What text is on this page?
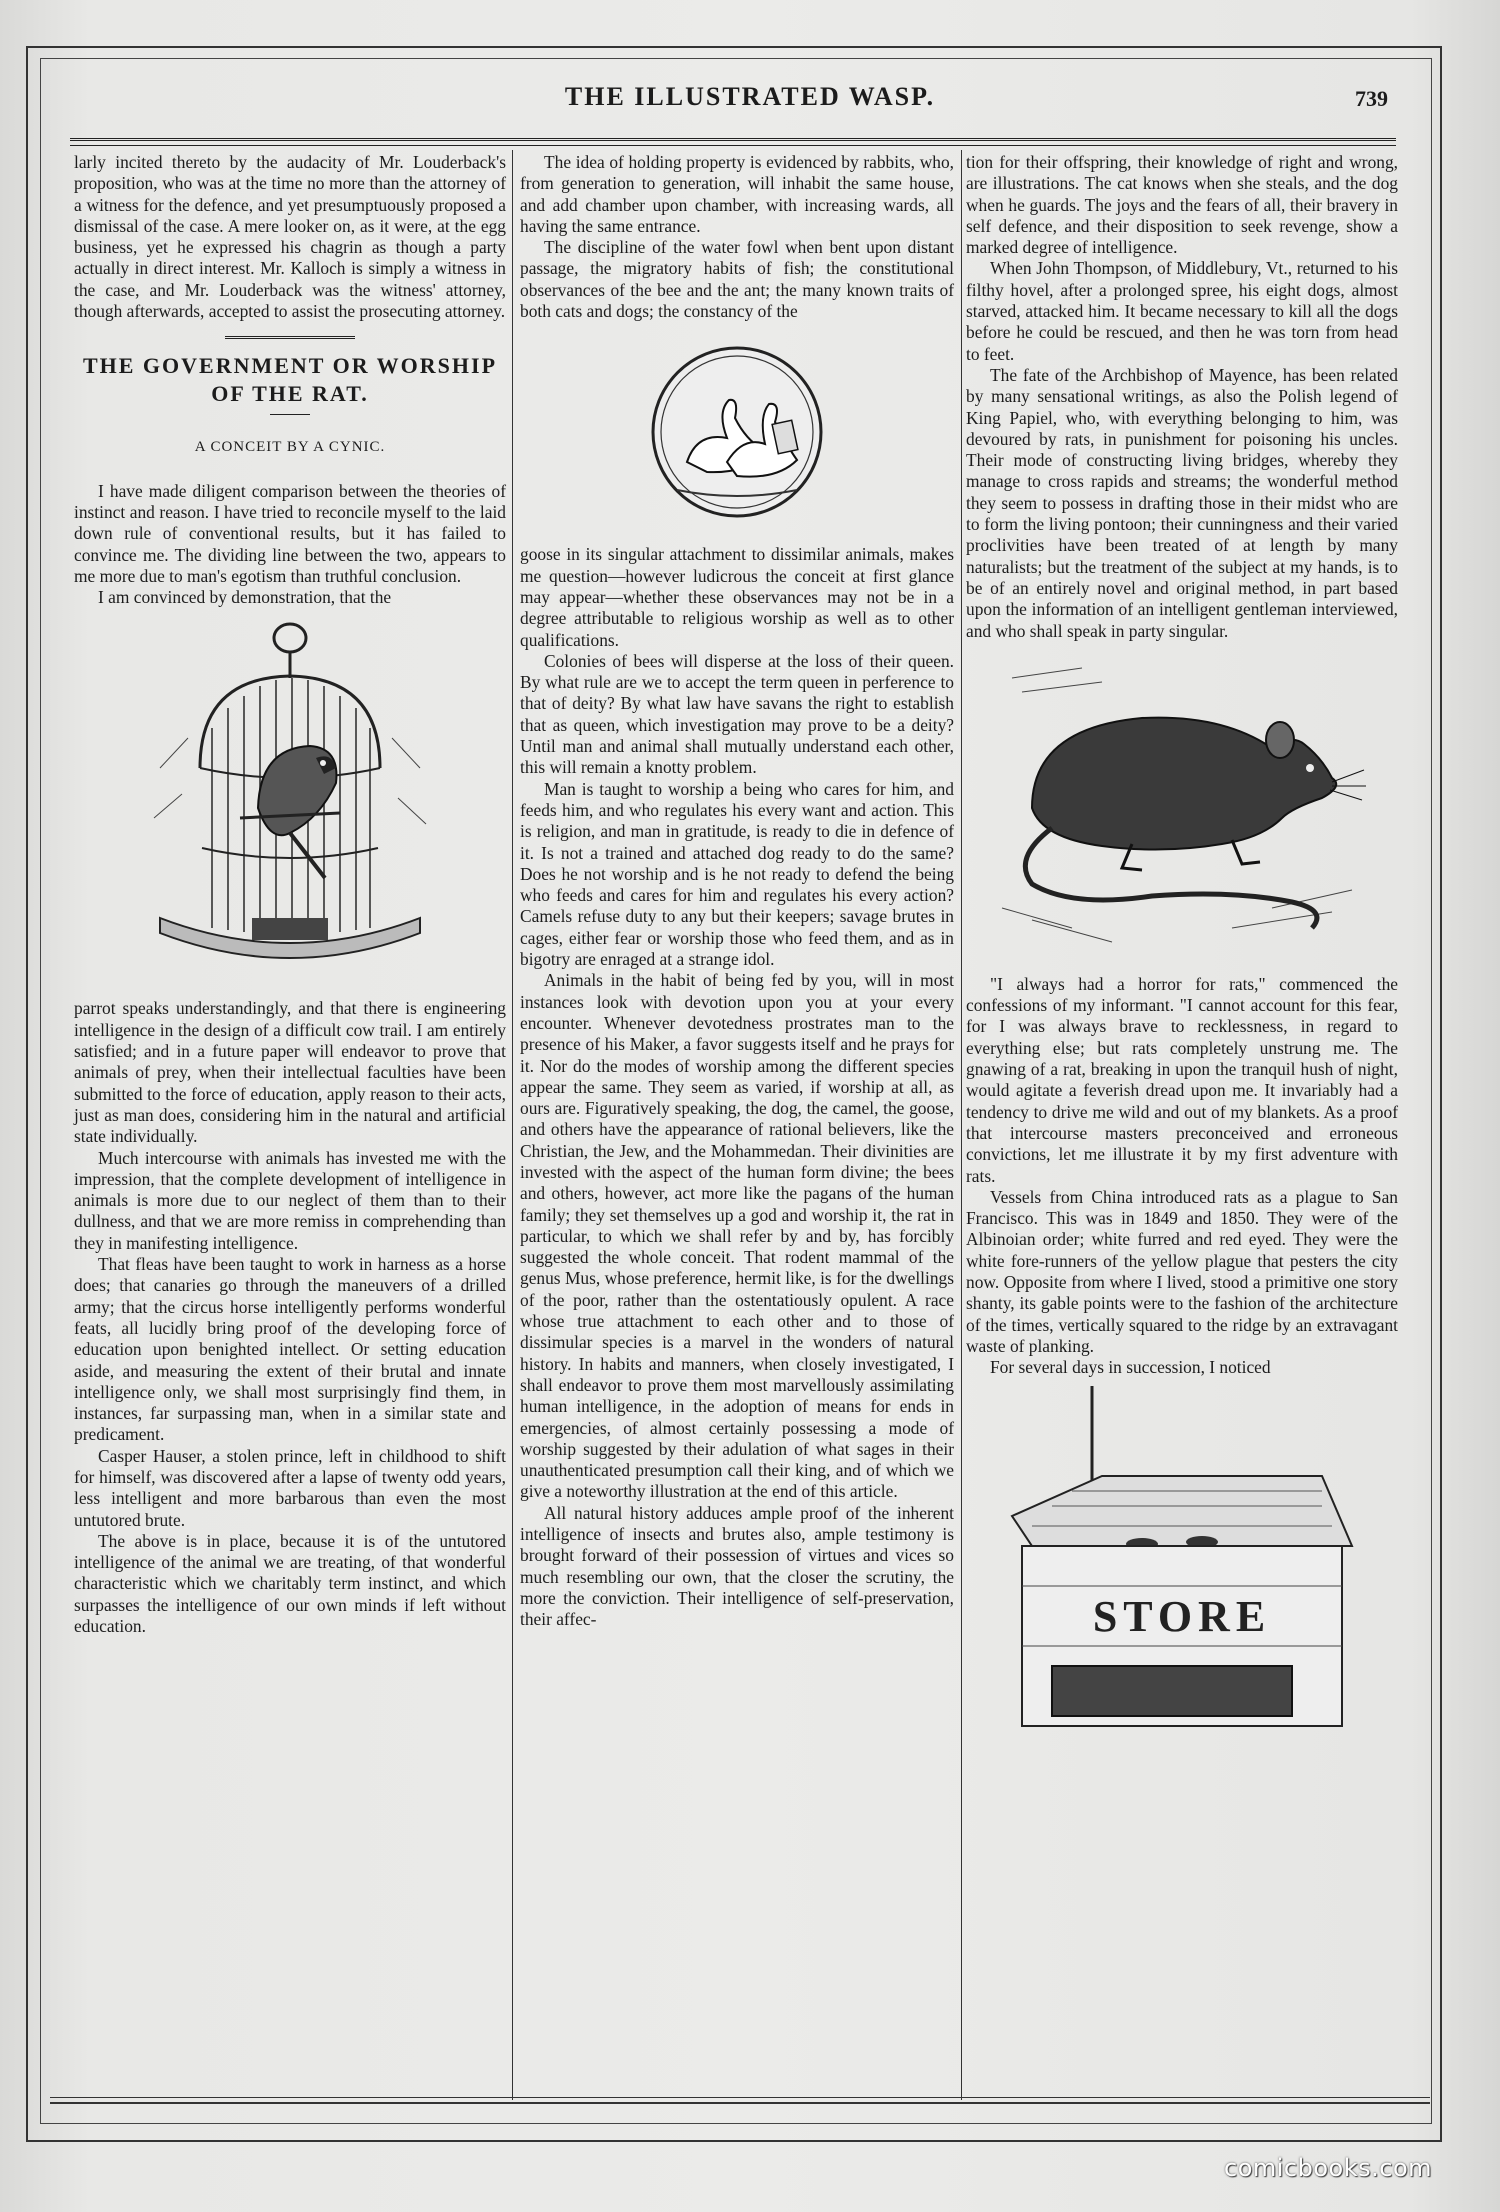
THE ILLUSTRATED WASP.	739

larly incited thereto by the audacity of Mr. Louderback's proposition, who was at the time no more than the attorney of a witness for the defence, and yet presumptuously proposed a dismissal of the case. A mere looker on, as it were, at the egg business, yet he expressed his chagrin as though a party actually in direct interest. Mr. Kalloch is simply a witness in the case, and Mr. Louderback was the witness' attorney, though afterwards, accepted to assist the prosecuting attorney.

THE GOVERNMENT OR WORSHIP OF THE RAT.
A CONCEIT BY A CYNIC.

I have made diligent comparison between the theories of instinct and reason. I have tried to reconcile myself to the laid down rule of conventional results, but it has failed to convince me. The dividing line between the two, appears to me more due to man's egotism than truthful conclusion.

I am convinced by demonstration, that the

parrot speaks understandingly, and that there is engineering intelligence in the design of a difficult cow trail. I am entirely satisfied; and in a future paper will endeavor to prove that animals of prey, when their intellectual faculties have been submitted to the force of education, apply reason to their acts, just as man does, considering him in the natural and artificial state individually.

Much intercourse with animals has invested me with the impression, that the complete development of intelligence in animals is more due to our neglect of them than to their dullness, and that we are more remiss in comprehending than they in manifesting intelligence.

That fleas have been taught to work in harness as a horse does; that canaries go through the maneuvers of a drilled army; that the circus horse intelligently performs wonderful feats, all lucidly bring proof of the developing force of education upon benighted intellect. Or setting education aside, and measuring the extent of their brutal and innate intelligence only, we shall most surprisingly find them, in instances, far surpassing man, when in a similar state and predicament.

Casper Hauser, a stolen prince, left in childhood to shift for himself, was discovered after a lapse of twenty odd years, less intelligent and more barbarous than even the most untutored brute.

The above is in place, because it is of the untutored intelligence of the animal we are treating, of that wonderful characteristic which we charitably term instinct, and which surpasses the intelligence of our own minds if left without education.

The idea of holding property is evidenced by rabbits, who, from generation to generation, will inhabit the same house, and add chamber upon chamber, with increasing wards, all having the same entrance.

The discipline of the water fowl when bent upon distant passage, the migratory habits of fish; the constitutional observances of the bee and the ant; the many known traits of both cats and dogs; the constancy of the

goose in its singular attachment to dissimilar animals, makes me question—however ludicrous the conceit at first glance may appear—whether these observances may not be in a degree attributable to religious worship as well as to other qualifications.

Colonies of bees will disperse at the loss of their queen. By what rule are we to accept the term queen in perference to that of deity? By what law have savans the right to establish that as queen, which investigation may prove to be a deity? Until man and animal shall mutually understand each other, this will remain a knotty problem.

Man is taught to worship a being who cares for him, and feeds him, and who regulates his every want and action. This is religion, and man in gratitude, is ready to die in defence of it. Is not a trained and attached dog ready to do the same? Does he not worship and is he not ready to defend the being who feeds and cares for him and regulates his every action? Camels refuse duty to any but their keepers; savage brutes in cages, either fear or worship those who feed them, and as in bigotry are enraged at a strange idol.

Animals in the habit of being fed by you, will in most instances look with devotion upon you at your every encounter. Whenever devotedness prostrates man to the presence of his Maker, a favor suggests itself and he prays for it. Nor do the modes of worship among the different species appear the same. They seem as varied, if worship at all, as ours are. Figuratively speaking, the dog, the camel, the goose, and others have the appearance of rational believers, like the Christian, the Jew, and the Mohammedan. Their divinities are invested with the aspect of the human form divine; the bees and others, however, act more like the pagans of the human family; they set themselves up a god and worship it, the rat in particular, to which we shall refer by and by, has forcibly suggested the whole conceit. That rodent mammal of the genus Mus, whose preference, hermit like, is for the dwellings of the poor, rather than the ostentatiously opulent. A race whose true attachment to each other and to those of dissimular species is a marvel in the wonders of natural history. In habits and manners, when closely investigated, I shall endeavor to prove them most marvellously assimilating human intelligence, in the adoption of means for ends in emergencies, of almost certainly possessing a mode of worship suggested by their adulation of what sages in their unauthenticated presumption call their king, and of which we give a noteworthy illustration at the end of this article.

All natural history adduces ample proof of the inherent intelligence of insects and brutes also, ample testimony is brought forward of their possession of virtues and vices so much resembling our own, that the closer the scrutiny, the more the conviction. Their intelligence of self-preservation, their affec-

tion for their offspring, their knowledge of right and wrong, are illustrations. The cat knows when she steals, and the dog when he guards. The joys and the fears of all, their bravery in self defence, and their disposition to seek revenge, show a marked degree of intelligence.

When John Thompson, of Middlebury, Vt., returned to his filthy hovel, after a prolonged spree, his eight dogs, almost starved, attacked him. It became necessary to kill all the dogs before he could be rescued, and then he was torn from head to feet.

The fate of the Archbishop of Mayence, has been related by many sensational writings, as also the Polish legend of King Papiel, who, with everything belonging to him, was devoured by rats, in punishment for poisoning his uncles. Their mode of constructing living bridges, whereby they manage to cross rapids and streams; the wonderful method they seem to possess in drafting those in their midst who are to form the living pontoon; their cunningness and their varied proclivities have been treated of at length by many naturalists; but the treatment of the subject at my hands, is to be of an entirely novel and original method, in part based upon the information of an intelligent gentleman interviewed, and who shall speak in party singular.

"I always had a horror for rats," commenced the confessions of my informant. "I cannot account for this fear, for I was always brave to recklessness, in regard to everything else; but rats completely unstrung me. The gnawing of a rat, breaking in upon the tranquil hush of night, would agitate a feverish dread upon me. It invariably had a tendency to drive me wild and out of my blankets. As a proof that intercourse masters preconceived and erroneous convictions, let me illustrate it by my first adventure with rats.

Vessels from China introduced rats as a plague to San Francisco. This was in 1849 and 1850. They were of the Albinoian order; white furred and red eyed. They were the white fore-runners of the yellow plague that pesters the city now. Opposite from where I lived, stood a primitive one story shanty, its gable points were to the fashion of the architecture of the times, vertically squared to the ridge by an extravagant waste of planking.

For several days in succession, I noticed

STORE
comicbooks.com
